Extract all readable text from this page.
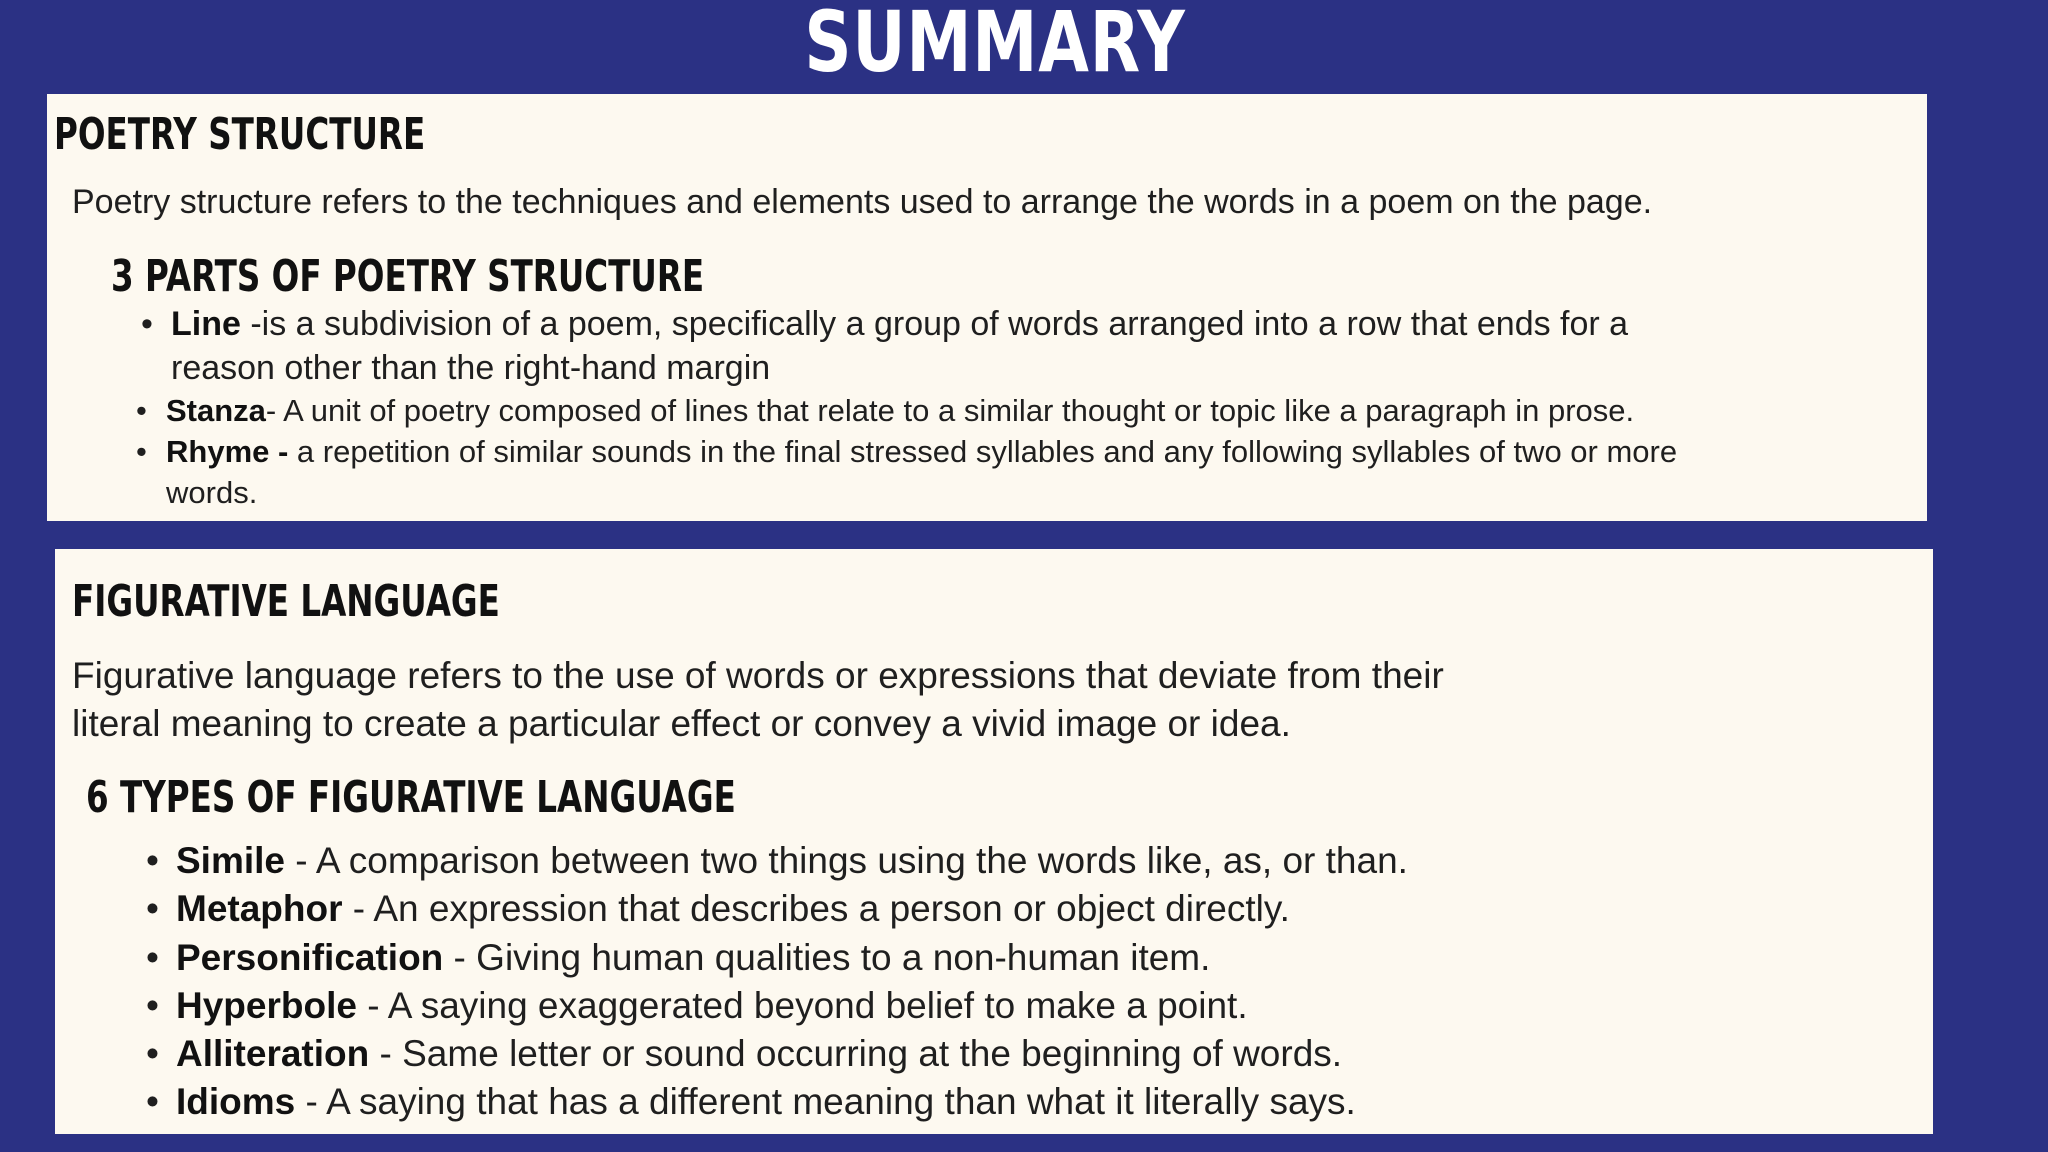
SUMMARY
POETRY STRUCTURE
Poetry structure refers to the techniques and elements used to arrange the words in a poem on the page.
3 PARTS OF POETRY STRUCTURE
• Line -is a subdivision of a poem, specifically a group of words arranged into a row that ends for a
reason other than the right-hand margin
• Stanza- A unit of poetry composed of lines that relate to a similar thought or topic like a paragraph in prose.
• Rhyme - a repetition of similar sounds in the final stressed syllables and any following syllables of two or more
words.
FIGURATIVE LANGUAGE
Figurative language refers to the use of words or expressions that deviate from their
literal meaning to create a particular effect or convey a vivid image or idea.
6 TYPES OF FIGURATIVE LANGUAGE
• Simile - A comparison between two things using the words like, as, or than.
• Metaphor - An expression that describes a person or object directly.
• Personification - Giving human qualities to a non-human item.
• Hyperbole - A saying exaggerated beyond belief to make a point.
• Alliteration - Same letter or sound occurring at the beginning of words.
• Idioms - A saying that has a different meaning than what it literally says.
